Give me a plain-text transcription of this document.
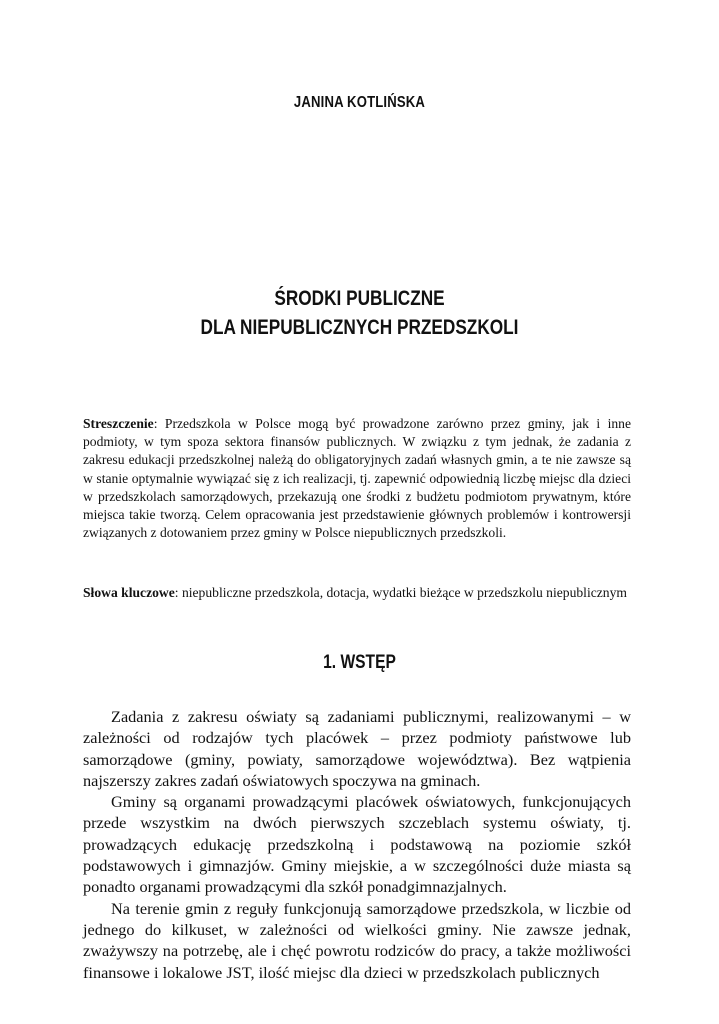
JANINA KOTLIŃSKA
ŚRODKI PUBLICZNE
DLA NIEPUBLICZNYCH PRZEDSZKOLI
Streszczenie: Przedszkola w Polsce mogą być prowadzone zarówno przez gminy, jak i inne podmioty, w tym spoza sektora finansów publicznych. W związku z tym jednak, że zadania z zakresu edukacji przedszkolnej należą do obligatoryjnych zadań własnych gmin, a te nie zawsze są w stanie optymalnie wywiązać się z ich realizacji, tj. zapewnić odpowiednią liczbę miejsc dla dzieci w przedszkolach samorządowych, przekazują one środki z budżetu podmiotom prywatnym, które miejsca takie tworzą. Celem opracowania jest przedstawienie głównych problemów i kontrowersji związanych z dotowaniem przez gminy w Polsce niepublicznych przedszkoli.
Słowa kluczowe: niepubliczne przedszkola, dotacja, wydatki bieżące w przedszkolu niepublicznym
1. WSTĘP

Zadania z zakresu oświaty są zadaniami publicznymi, realizowanymi – w zależności od rodzajów tych placówek – przez podmioty państwowe lub samorządowe (gminy, powiaty, samorządowe województwa). Bez wątpienia najszerszy zakres zadań oświatowych spoczywa na gminach.

Gminy są organami prowadzącymi placówek oświatowych, funkcjonujących przede wszystkim na dwóch pierwszych szczeblach systemu oświaty, tj. prowadzących edukację przedszkolną i podstawową na poziomie szkół podstawowych i gimnazjów. Gminy miejskie, a w szczególności duże miasta są ponadto organami prowadzącymi dla szkół ponadgimnazjalnych.

Na terenie gmin z reguły funkcjonują samorządowe przedszkola, w liczbie od jednego do kilkuset, w zależności od wielkości gminy. Nie zawsze jednak, zważywszy na potrzebę, ale i chęć powrotu rodziców do pracy, a także możliwości finansowe i lokalowe JST, ilość miejsc dla dzieci w przedszkolach publicznych
